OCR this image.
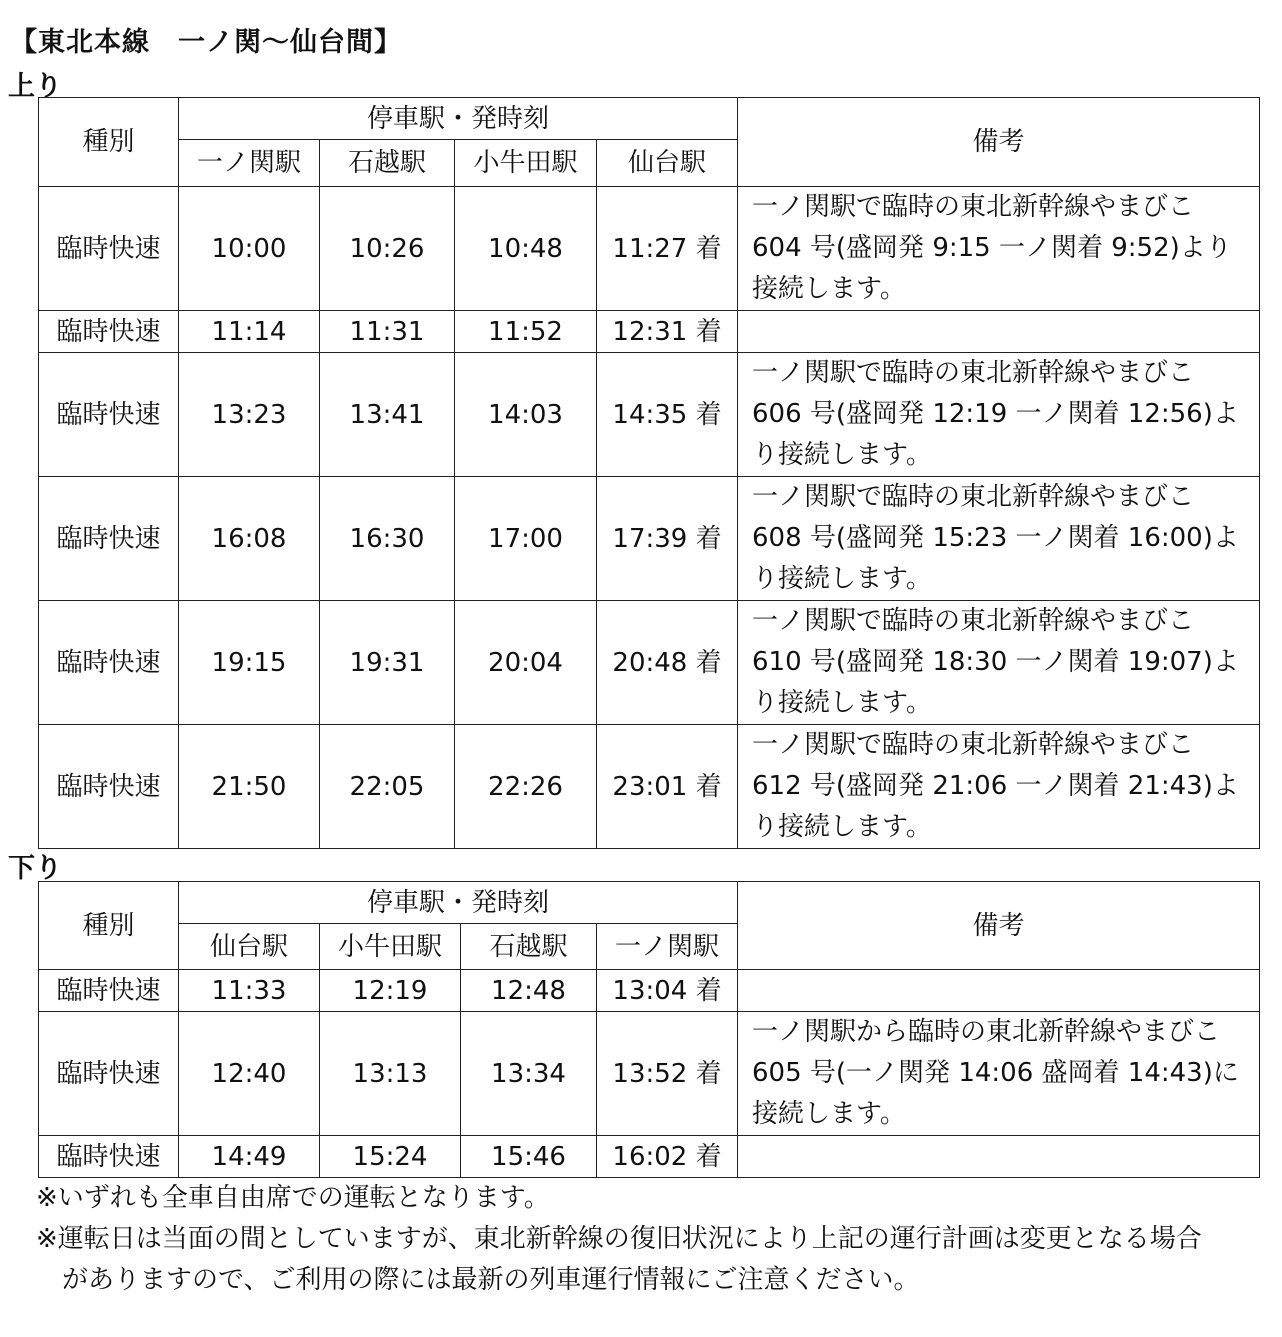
【東北本線　一ノ関〜仙台間】
上り
種別	停車駅・発時刻				備考
	一ノ関駅	石越駅	小牛田駅	仙台駅	
臨時快速	10:00	10:26	10:48	11:27 着	一ノ関駅で臨時の東北新幹線やまびこ
604 号(盛岡発 9:15 一ノ関着 9:52)より
接続します。

臨時快速	11:14	11:31	11:52	12:31 着	
臨時快速	13:23	13:41	14:03	14:35 着	一ノ関駅で臨時の東北新幹線やまびこ
606 号(盛岡発 12:19 一ノ関着 12:56)よ
り接続します。

臨時快速	16:08	16:30	17:00	17:39 着	一ノ関駅で臨時の東北新幹線やまびこ
608 号(盛岡発 15:23 一ノ関着 16:00)よ
り接続します。

臨時快速	19:15	19:31	20:04	20:48 着	一ノ関駅で臨時の東北新幹線やまびこ
610 号(盛岡発 18:30 一ノ関着 19:07)よ
り接続します。

臨時快速	21:50	22:05	22:26	23:01 着	一ノ関駅で臨時の東北新幹線やまびこ
612 号(盛岡発 21:06 一ノ関着 21:43)よ
り接続します。
下り
種別	停車駅・発時刻				備考
	仙台駅	小牛田駅	石越駅	一ノ関駅	
臨時快速	11:33	12:19	12:48	13:04 着	
臨時快速	12:40	13:13	13:34	13:52 着	一ノ関駅から臨時の東北新幹線やまびこ
605 号(一ノ関発 14:06 盛岡着 14:43)に
接続します。

臨時快速	14:49	15:24	15:46	16:02 着	
※いずれも全車自由席での運転となります。
※運転日は当面の間としていますが、東北新幹線の復旧状況により上記の運行計画は変更となる場合
　がありますので、ご利用の際には最新の列車運行情報にご注意ください。
